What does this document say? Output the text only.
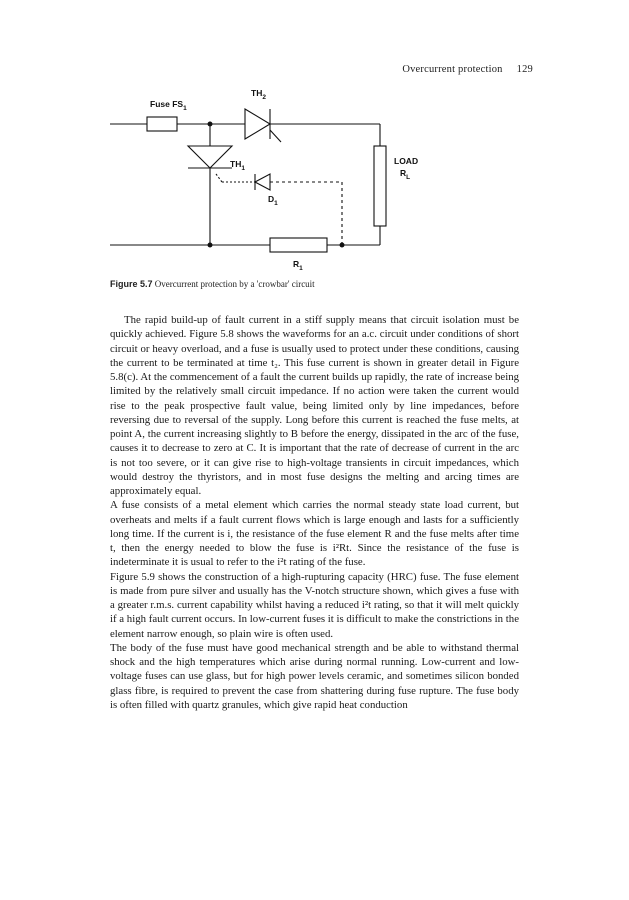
Overcurrent protection 129
Fuse $FS_1$
$TH_2$
$TH_1$
$D_1$
LOAD
$R_L$
$R_1$
Figure 5.7 Overcurrent protection by a 'crowbar' circuit

The rapid build-up of fault current in a stiff supply means that circuit isolation must be quickly achieved. Figure 5.8 shows the waveforms for an a.c. circuit under conditions of short circuit or heavy overload, and a fuse is usually used to protect under these conditions, causing the current to be terminated at time t₂. This fuse current is shown in greater detail in Figure 5.8(c). At the commencement of a fault the current builds up rapidly, the rate of increase being limited by the relatively small circuit impedance. If no action were taken the current would rise to the peak prospective fault value, being limited only by line impedances, before reversing due to reversal of the supply. Long before this current is reached the fuse melts, at point A, the current increasing slightly to B before the energy, dissipated in the arc of the fuse, causes it to decrease to zero at C. It is important that the rate of decrease of current in the arc is not too severe, or it can give rise to high-voltage transients in circuit impedances, which would destroy the thyristors, and in most fuse designs the melting and arcing times are approximately equal.

A fuse consists of a metal element which carries the normal steady state load current, but overheats and melts if a fault current flows which is large enough and lasts for a sufficiently long time. If the current is i, the resistance of the fuse element R and the fuse melts after time t, then the energy needed to blow the fuse is i²Rt. Since the resistance of the fuse is indeterminate it is usual to refer to the i²t rating of the fuse.

Figure 5.9 shows the construction of a high-rupturing capacity (HRC) fuse. The fuse element is made from pure silver and usually has the V-notch structure shown, which gives a fuse with a greater r.m.s. current capability whilst having a reduced i²t rating, so that it will melt quickly if a high fault current occurs. In low-current fuses it is difficult to make the constrictions in the element narrow enough, so plain wire is often used.

The body of the fuse must have good mechanical strength and be able to withstand thermal shock and the high temperatures which arise during normal running. Low-current and low-voltage fuses can use glass, but for high power levels ceramic, and sometimes silicon bonded glass fibre, is required to prevent the case from shattering during fuse rupture. The fuse body is often filled with quartz granules, which give rapid heat conduction
